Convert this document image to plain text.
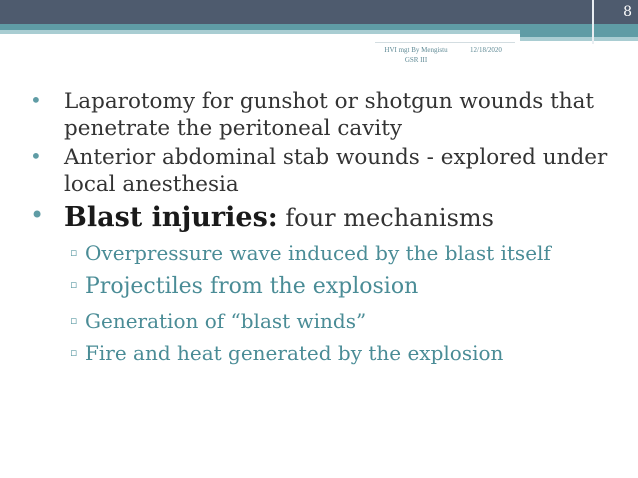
8
HVI mgt By Mengistu
GSR III
12/18/2020
• Laparotomy for gunshot or shotgun wounds that penetrate the peritoneal cavity
• Anterior abdominal stab wounds - explored under local anesthesia
• Blast injuries: four mechanisms
▫ Overpressure wave induced by the blast itself
▫ Projectiles from the explosion
▫ Generation of “blast winds”
▫ Fire and heat generated by the explosion
